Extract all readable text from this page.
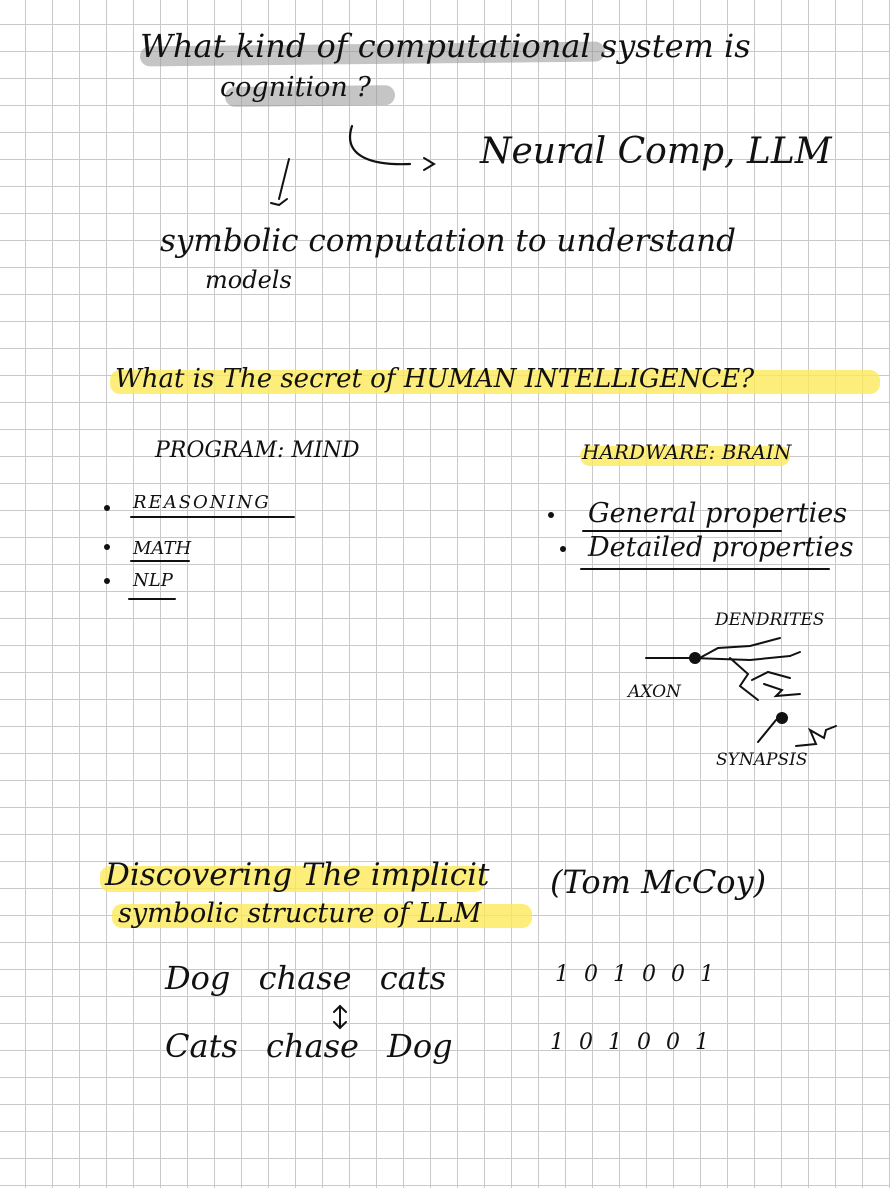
What kind of computational system is
cognition ?
Neural Comp, LLM
symbolic computation to understand
models
What is The secret of HUMAN INTELLIGENCE?
PROGRAM: MIND
REASONING
MATH
NLP
HARDWARE: BRAIN
General properties
Detailed properties
DENDRITES
AXON
SYNAPSIS
Discovering The implicit
symbolic structure of LLM
(Tom McCoy)
Dog chase cats	1 0 1 0 0 1
Cats chase Dog	1 0 1 0 0 1
